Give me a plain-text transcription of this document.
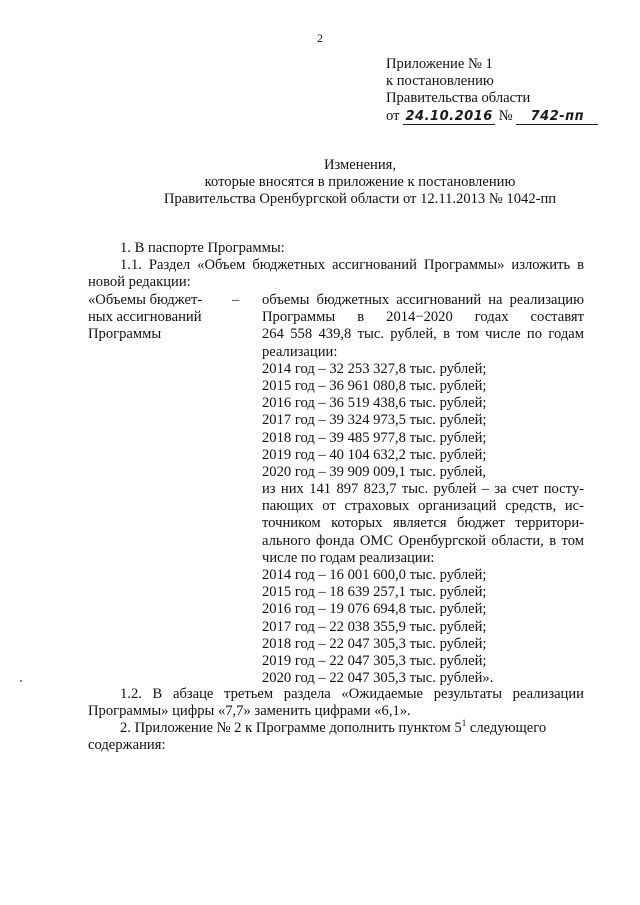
2
Приложение № 1
к постановлению
Правительства области
от 24.10.2016 № 742-пп
Изменения,
которые вносятся в приложение к постановлению
Правительства Оренбургской области от 12.11.2013 № 1042-пп
1. В паспорте Программы:
1.1. Раздел «Объем бюджетных ассигнований Программы» изложить в
новой редакции:
«Объемы бюджет-
ных ассигнований
Программы
– объемы бюджетных ассигнований на реализацию
Программы в 2014−2020 годах составят
264 558 439,8 тыс. рублей, в том числе по годам
реализации:
2014 год – 32 253 327,8 тыс. рублей;
2015 год – 36 961 080,8 тыс. рублей;
2016 год – 36 519 438,6 тыс. рублей;
2017 год – 39 324 973,5 тыс. рублей;
2018 год – 39 485 977,8 тыс. рублей;
2019 год – 40 104 632,2 тыс. рублей;
2020 год – 39 909 009,1 тыс. рублей,
из них 141 897 823,7 тыс. рублей – за счет посту-
пающих от страховых организаций средств, ис-
точником которых является бюджет территори-
ального фонда ОМС Оренбургской области, в том
числе по годам реализации:
2014 год – 16 001 600,0 тыс. рублей;
2015 год – 18 639 257,1 тыс. рублей;
2016 год – 19 076 694,8 тыс. рублей;
2017 год – 22 038 355,9 тыс. рублей;
2018 год – 22 047 305,3 тыс. рублей;
2019 год – 22 047 305,3 тыс. рублей;
2020 год – 22 047 305,3 тыс. рублей».
1.2. В абзаце третьем раздела «Ожидаемые результаты реализации
Программы» цифры «7,7» заменить цифрами «6,1».
2. Приложение № 2 к Программе дополнить пунктом $5^1$ следующего
содержания:
